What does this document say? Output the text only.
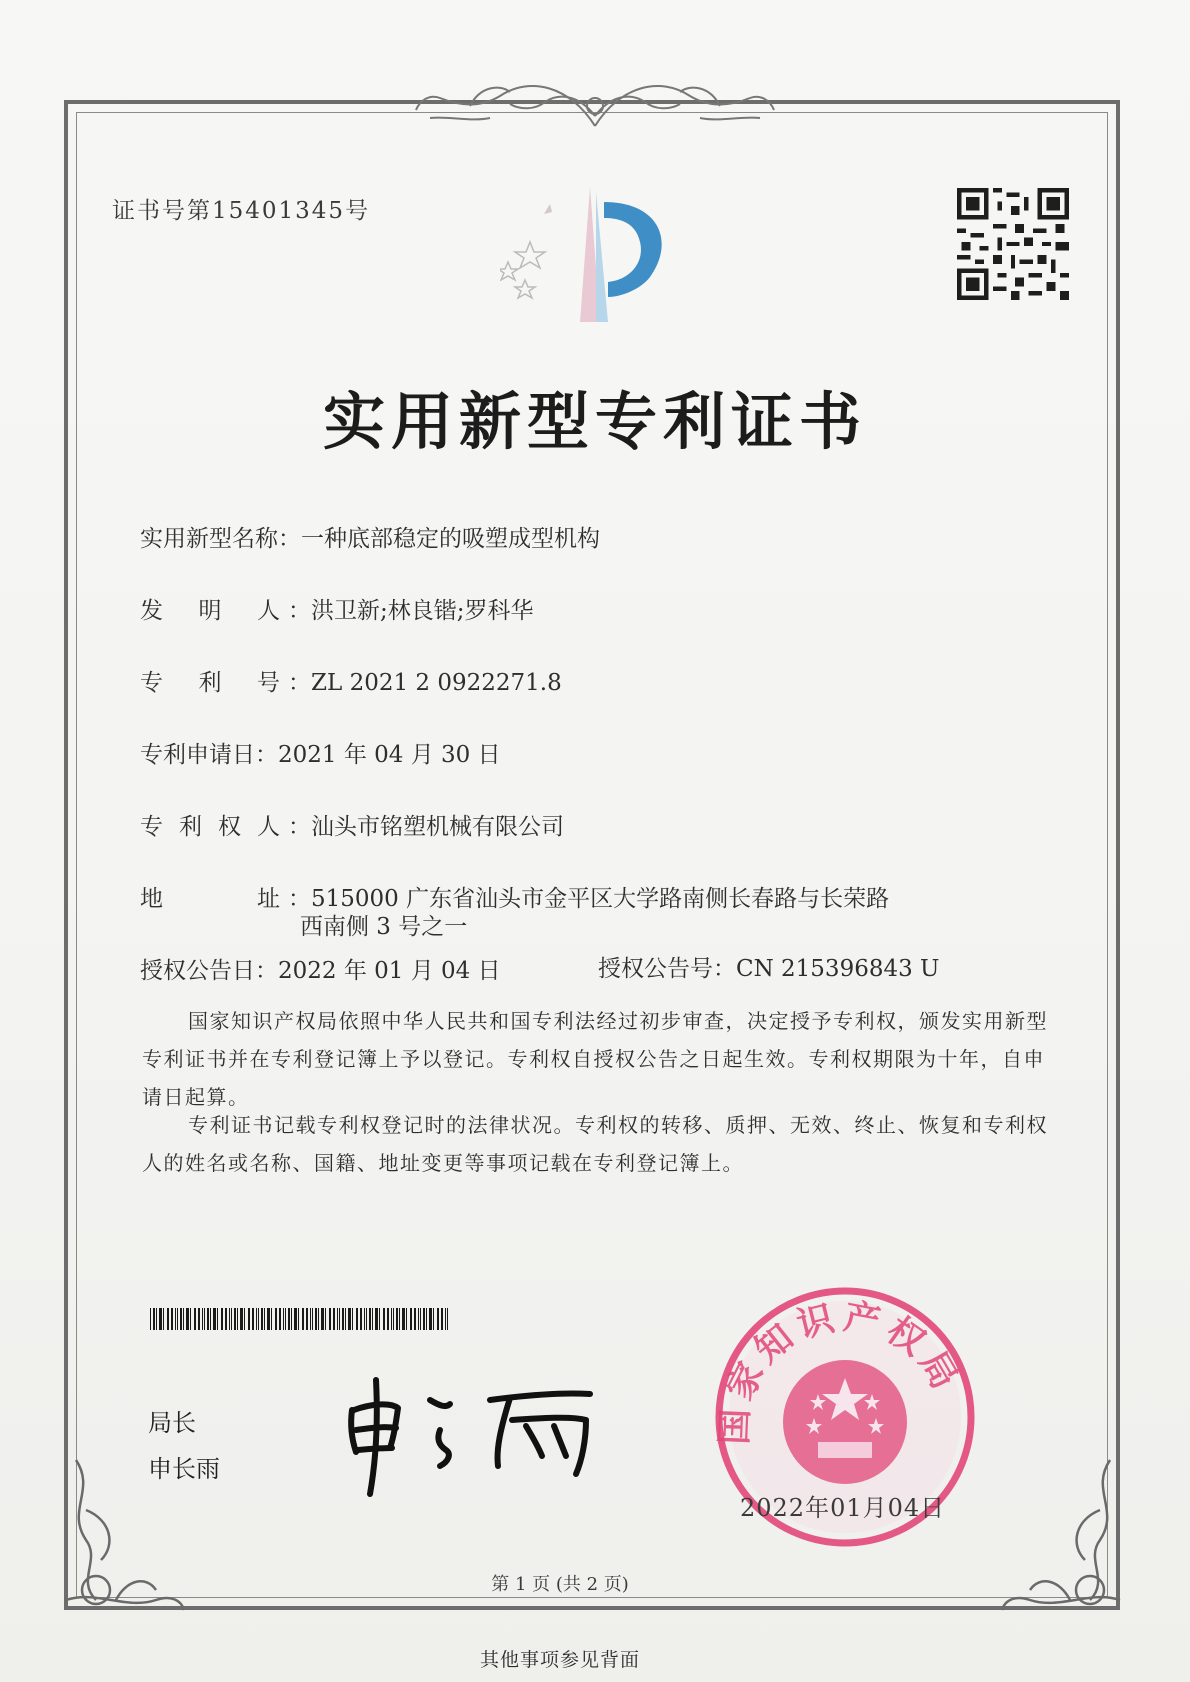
证书号第15401345号
实用新型专利证书
实用新型名称：一种底部稳定的吸塑成型机构
发 明 人 ：洪卫新;林良锴;罗科华
专 利 号 ：ZL 2021 2 0922271.8
专利申请日：2021 年 04 月 30 日
专 利 权 人 ：汕头市铭塑机械有限公司
地	址 ：515000 广东省汕头市金平区大学路南侧长春路与长荣路
西南侧 3 号之一
授权公告日：2022 年 01 月 04 日	授权公告号：CN 215396843 U
国家知识产权局依照中华人民共和国专利法经过初步审查，决定授予专利权，颁发实用新型专利证书并在专利登记簿上予以登记。专利权自授权公告之日起生效。专利权期限为十年，自申请日起算。
专利证书记载专利权登记时的法律状况。专利权的转移、质押、无效、终止、恢复和专利权人的姓名或名称、国籍、地址变更等事项记载在专利登记簿上。
局长
申长雨
国家知识产权局
2022年01月04日
第 1 页 (共 2 页)
其他事项参见背面
